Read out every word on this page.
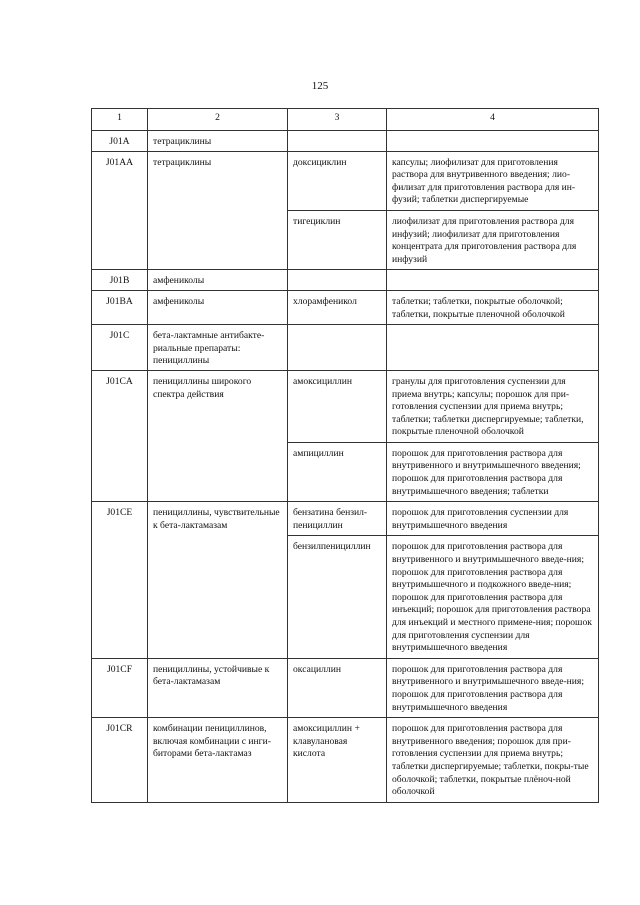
125
1	2	3	4
J01A	тетрациклины		
J01AA	тетрациклины	доксициклин	капсулы; лиофилизат для приготовления раствора для внутривенного введения; лио-филизат для приготовления раствора для ин-фузий; таблетки диспергируемые
		тигециклин	лиофилизат для приготовления раствора для инфузий; лиофилизат для приготовления концентрата для приготовления раствора для инфузий
J01B	амфениколы		
J01BA	амфениколы	хлорамфеникол	таблетки; таблетки, покрытые оболочкой; таблетки, покрытые пленочной оболочкой
J01C	бета-лактамные антибакте-риальные препараты: пенициллины		
J01CA	пенициллины широкого спектра действия	амоксициллин	гранулы для приготовления суспензии для приема внутрь; капсулы; порошок для при-готовления суспензии для приема внутрь; таблетки; таблетки диспергируемые; таблетки, покрытые пленочной оболочкой
		ампициллин	порошок для приготовления раствора для внутривенного и внутримышечного введения; порошок для приготовления раствора для внутримышечного введения; таблетки
J01CE	пенициллины, чувствительные к бета-лактамазам	бензатина бензил-пенициллин	порошок для приготовления суспензии для внутримышечного введения
		бензилпенициллин	порошок для приготовления раствора для внутривенного и внутримышечного введе-ния; порошок для приготовления раствора для внутримышечного и подкожного введе-ния; порошок для приготовления раствора для инъекций; порошок для приготовления раствора для инъекций и местного примене-ния; порошок для приготовления суспензии для внутримышечного введения
J01CF	пенициллины, устойчивые к бета-лактамазам	оксациллин	порошок для приготовления раствора для внутривенного и внутримышечного введе-ния; порошок для приготовления раствора для внутримышечного введения
J01CR	комбинации пенициллинов, включая комбинации с инги-биторами бета-лактамаз	амоксициллин + клавулановая кислота	порошок для приготовления раствора для внутривенного введения; порошок для при-готовления суспензии для приема внутрь; таблетки диспергируемые; таблетки, покры-тые оболочкой; таблетки, покрытые плёноч-ной оболочкой
